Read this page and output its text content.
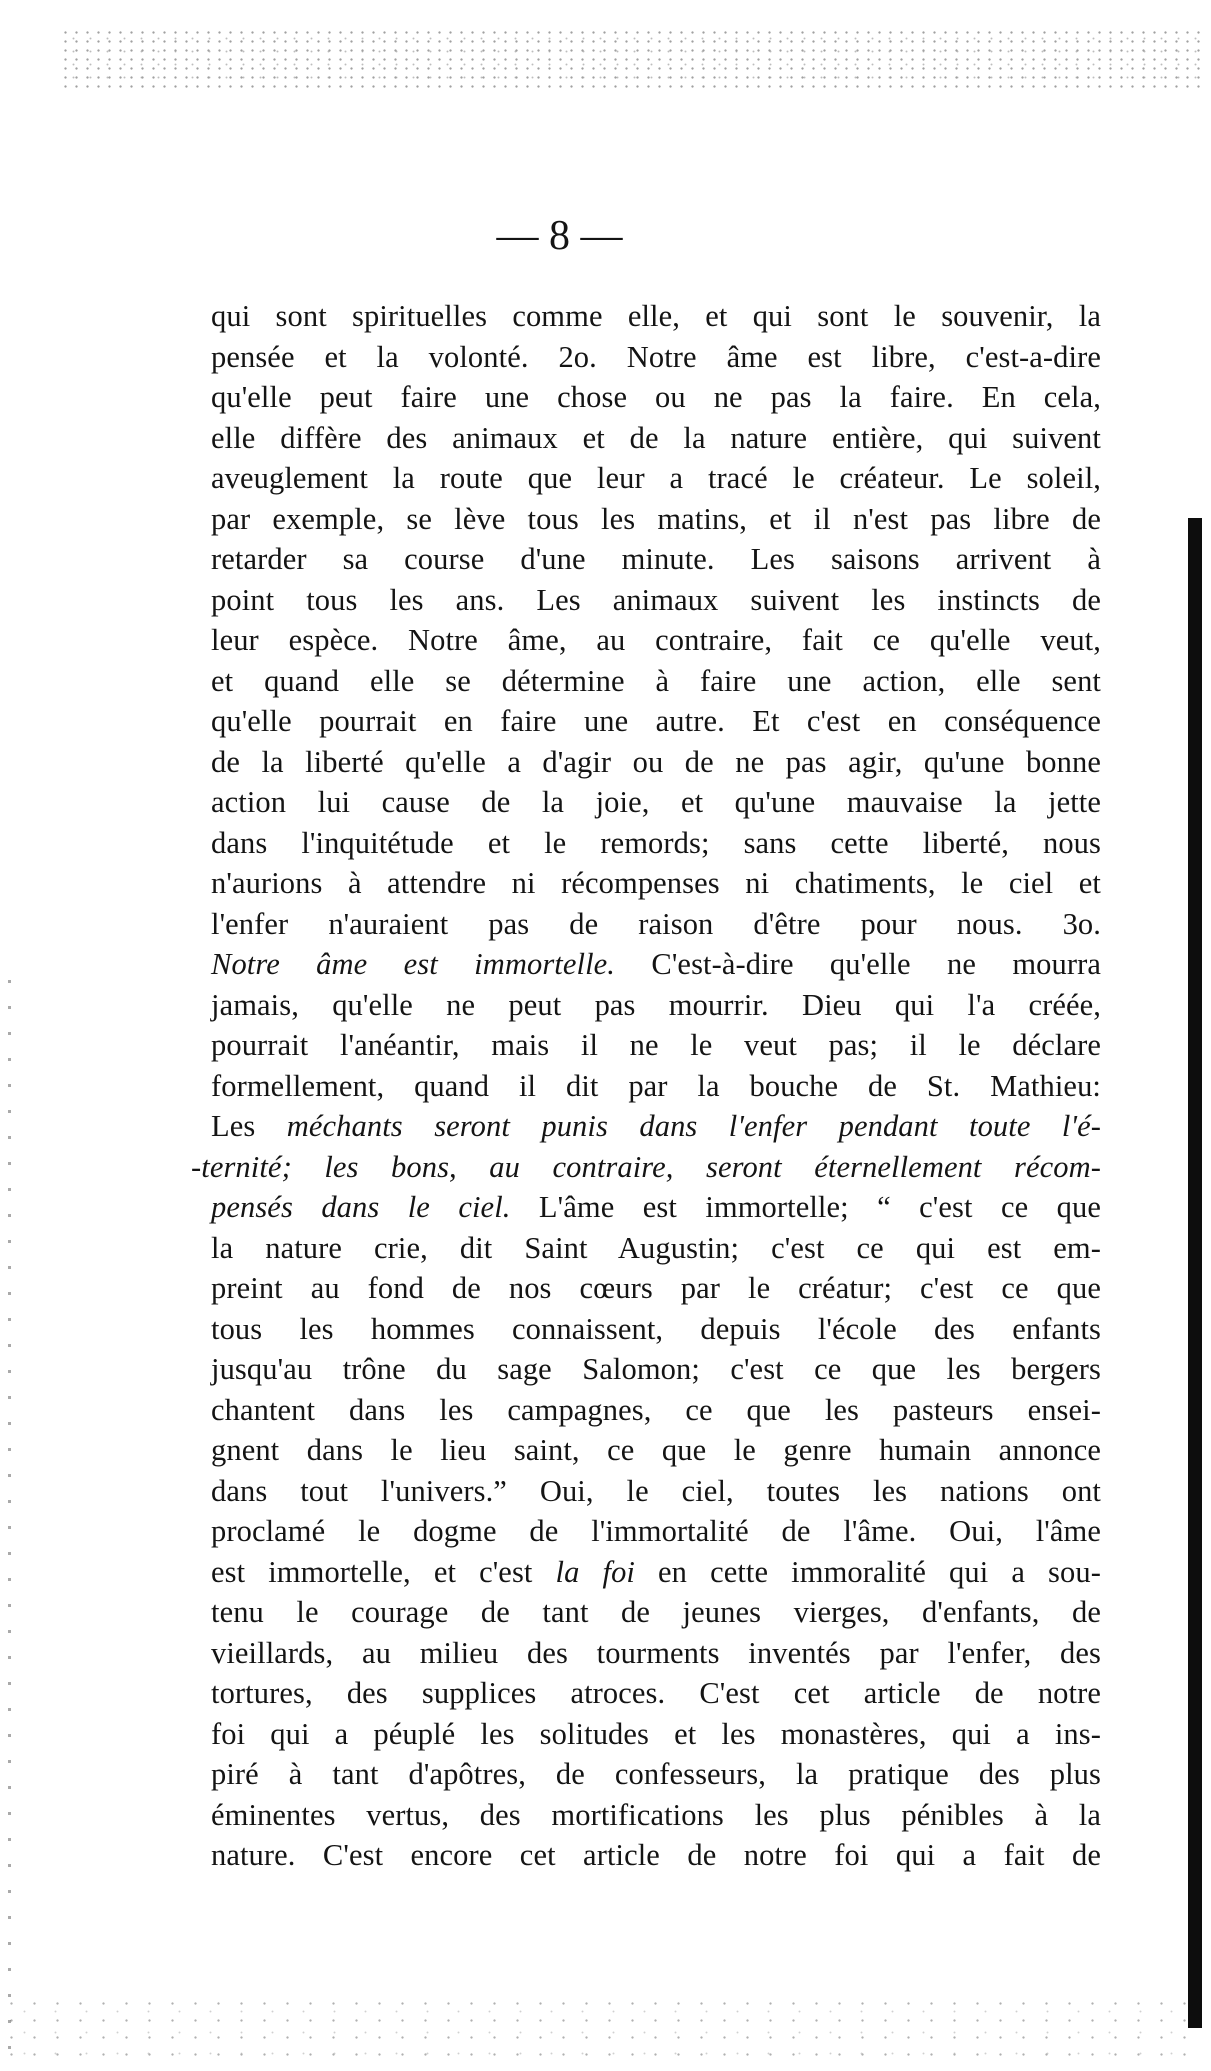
— 8 —
qui sont spirituelles comme elle, et qui sont le souvenir, la
pensée et la volonté. 2o. Notre âme est libre, c'est-a-dire
qu'elle peut faire une chose ou ne pas la faire. En cela,
elle diffère des animaux et de la nature entière, qui suivent
aveuglement la route que leur a tracé le créateur. Le soleil,
par exemple, se lève tous les matins, et il n'est pas libre de
retarder sa course d'une minute. Les saisons arrivent à
point tous les ans. Les animaux suivent les instincts de
leur espèce. Notre âme, au contraire, fait ce qu'elle veut,
et quand elle se détermine à faire une action, elle sent
qu'elle pourrait en faire une autre. Et c'est en conséquence
de la liberté qu'elle a d'agir ou de ne pas agir, qu'une bonne
action lui cause de la joie, et qu'une mauvaise la jette
dans l'inquitétude et le remords; sans cette liberté, nous
n'aurions à attendre ni récompenses ni chatiments, le ciel et
l'enfer n'auraient pas de raison d'être pour nous. 3o.
Notre âme est immortelle. C'est-à-dire qu'elle ne mourra
jamais, qu'elle ne peut pas mourrir. Dieu qui l'a créée,
pourrait l'anéantir, mais il ne le veut pas; il le déclare
formellement, quand il dit par la bouche de St. Mathieu:
Les méchants seront punis dans l'enfer pendant toute l'é-
-ternité; les bons, au contraire, seront éternellement récom-
pensés dans le ciel. L'âme est immortelle; “ c'est ce que
la nature crie, dit Saint Augustin; c'est ce qui est em-
preint au fond de nos cœurs par le créatur; c'est ce que
tous les hommes connaissent, depuis l'école des enfants
jusqu'au trône du sage Salomon; c'est ce que les bergers
chantent dans les campagnes, ce que les pasteurs ensei-
gnent dans le lieu saint, ce que le genre humain annonce
dans tout l'univers.” Oui, le ciel, toutes les nations ont
proclamé le dogme de l'immortalité de l'âme. Oui, l'âme
est immortelle, et c'est la foi en cette immoralité qui a sou-
tenu le courage de tant de jeunes vierges, d'enfants, de
vieillards, au milieu des tourments inventés par l'enfer, des
tortures, des supplices atroces. C'est cet article de notre
foi qui a péuplé les solitudes et les monastères, qui a ins-
piré à tant d'apôtres, de confesseurs, la pratique des plus
éminentes vertus, des mortifications les plus pénibles à la
nature. C'est encore cet article de notre foi qui a fait de
